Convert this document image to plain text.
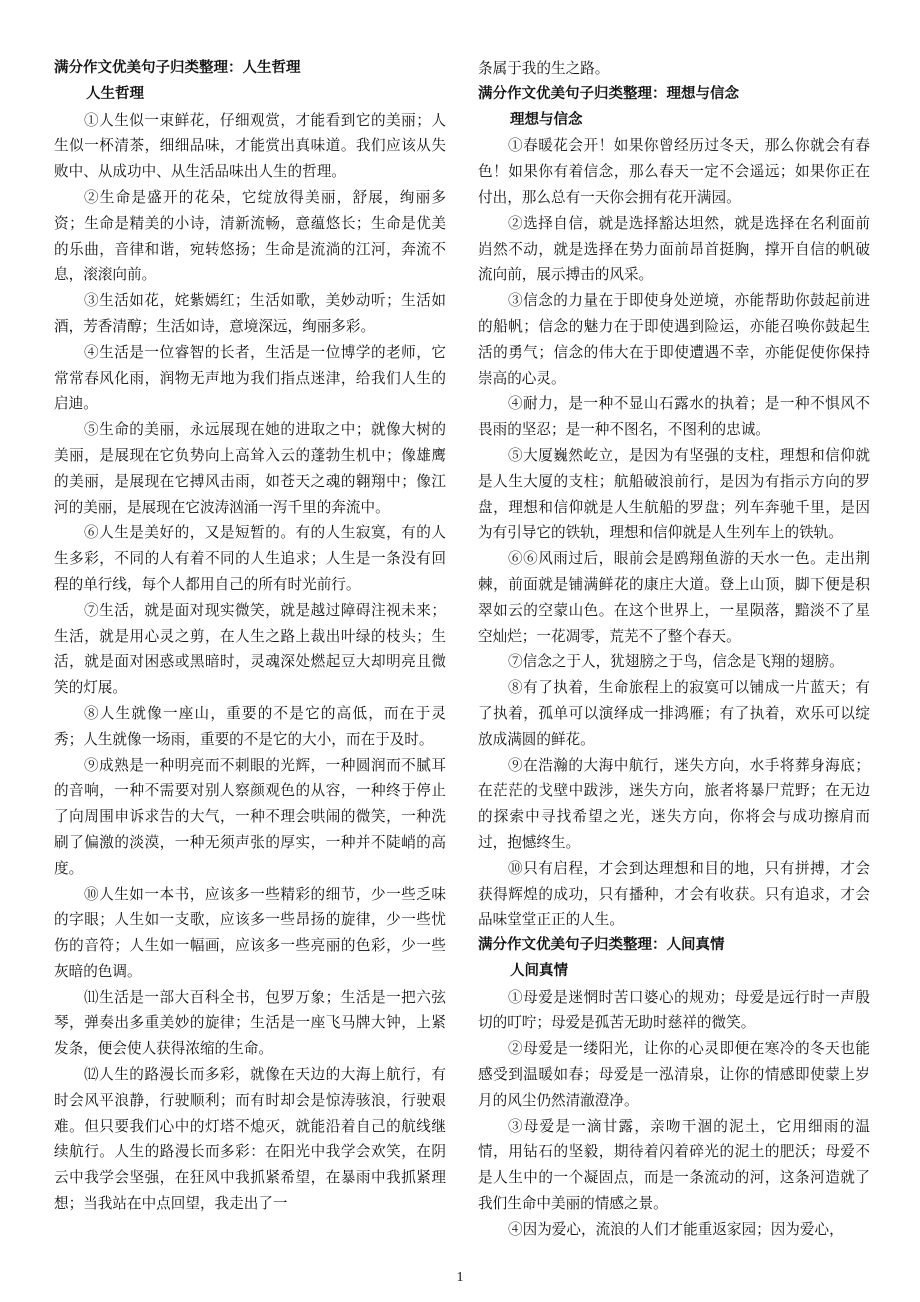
满分作文优美句子归类整理：人生哲理

人生哲理

①人生似一束鲜花，仔细观赏，才能看到它的美丽；人生似一杯清茶，细细品味，才能赏出真味道。我们应该从失败中、从成功中、从生活品味出人生的哲理。

②生命是盛开的花朵，它绽放得美丽，舒展，绚丽多资；生命是精美的小诗，清新流畅，意蕴悠长；生命是优美的乐曲，音律和谐，宛转悠扬；生命是流淌的江河，奔流不息，滚滚向前。

③生活如花，姹紫嫣红；生活如歌，美妙动听；生活如酒，芳香清醇；生活如诗，意境深远，绚丽多彩。

④生活是一位睿智的长者，生活是一位博学的老师，它常常春风化雨，润物无声地为我们指点迷津，给我们人生的启迪。

⑤生命的美丽，永远展现在她的进取之中；就像大树的美丽，是展现在它负势向上高耸入云的蓬勃生机中；像雄鹰的美丽，是展现在它搏风击雨，如苍天之魂的翱翔中；像江河的美丽，是展现在它波涛汹涌一泻千里的奔流中。

⑥人生是美好的，又是短暂的。有的人生寂寞，有的人生多彩，不同的人有着不同的人生追求；人生是一条没有回程的单行线，每个人都用自己的所有时光前行。

⑦生活，就是面对现实微笑，就是越过障碍注视未来；生活，就是用心灵之剪，在人生之路上裁出叶绿的枝头；生活，就是面对困惑或黑暗时，灵魂深处燃起豆大却明亮且微笑的灯展。

⑧人生就像一座山，重要的不是它的高低，而在于灵秀；人生就像一场雨，重要的不是它的大小，而在于及时。

⑨成熟是一种明亮而不刺眼的光辉，一种圆润而不腻耳的音响，一种不需要对别人察颜观色的从容，一种终于停止了向周围申诉求告的大气，一种不理会哄闹的微笑，一种洗刷了偏激的淡漠，一种无须声张的厚实，一种并不陡峭的高度。

⑩人生如一本书，应该多一些精彩的细节，少一些乏味的字眼；人生如一支歌，应该多一些昂扬的旋律，少一些忧伤的音符；人生如一幅画，应该多一些亮丽的色彩，少一些灰暗的色调。

⑾生活是一部大百科全书，包罗万象；生活是一把六弦琴，弹奏出多重美妙的旋律；生活是一座飞马牌大钟，上紧发条，便会使人获得浓缩的生命。

⑿人生的路漫长而多彩，就像在天边的大海上航行，有时会风平浪静，行驶顺利；而有时却会是惊涛骇浪，行驶艰难。但只要我们心中的灯塔不熄灭，就能沿着自己的航线继续航行。人生的路漫长而多彩：在阳光中我学会欢笑，在阴云中我学会坚强，在狂风中我抓紧希望，在暴雨中我抓紧理想；当我站在中点回望，我走出了一

条属于我的生之路。

满分作文优美句子归类整理：理想与信念

理想与信念

①春暖花会开！如果你曾经历过冬天，那么你就会有春色！如果你有着信念，那么春天一定不会遥远；如果你正在付出，那么总有一天你会拥有花开满园。

②选择自信，就是选择豁达坦然，就是选择在名利面前岿然不动，就是选择在势力面前昂首挺胸，撑开自信的帆破流向前，展示搏击的风采。

③信念的力量在于即使身处逆境，亦能帮助你鼓起前进的船帆；信念的魅力在于即使遇到险运，亦能召唤你鼓起生活的勇气；信念的伟大在于即使遭遇不幸，亦能促使你保持崇高的心灵。

④耐力，是一种不显山石露水的执着；是一种不惧风不畏雨的坚忍；是一种不图名，不图利的忠诚。

⑤大厦巍然屹立，是因为有坚强的支柱，理想和信仰就是人生大厦的支柱；航船破浪前行，是因为有指示方向的罗盘，理想和信仰就是人生航船的罗盘；列车奔驰千里，是因为有引导它的铁轨，理想和信仰就是人生列车上的铁轨。

⑥⑥风雨过后，眼前会是鸥翔鱼游的天水一色。走出荆棘，前面就是铺满鲜花的康庄大道。登上山顶，脚下便是积翠如云的空蒙山色。在这个世界上，一星陨落，黯淡不了星空灿烂；一花凋零，荒芜不了整个春天。

⑦信念之于人，犹翅膀之于鸟，信念是飞翔的翅膀。

⑧有了执着，生命旅程上的寂寞可以铺成一片蓝天；有了执着，孤单可以演绎成一排鸿雁；有了执着，欢乐可以绽放成满圆的鲜花。

⑨在浩瀚的大海中航行，迷失方向，水手将葬身海底；在茫茫的戈壁中跋涉，迷失方向，旅者将暴尸荒野；在无边的探索中寻找希望之光，迷失方向，你将会与成功擦肩而过，抱憾终生。

⑩只有启程，才会到达理想和目的地，只有拼搏，才会获得辉煌的成功，只有播种，才会有收获。只有追求，才会品味堂堂正正的人生。

满分作文优美句子归类整理：人间真情

人间真情

①母爱是迷惘时苦口婆心的规劝；母爱是远行时一声殷切的叮咛；母爱是孤苦无助时慈祥的微笑。

②母爱是一缕阳光，让你的心灵即便在寒冷的冬天也能感受到温暖如春；母爱是一泓清泉，让你的情感即使蒙上岁月的风尘仍然清澈澄净。

③母爱是一滴甘露，亲吻干涸的泥土，它用细雨的温情，用钻石的坚毅，期待着闪着碎光的泥土的肥沃；母爱不是人生中的一个凝固点，而是一条流动的河，这条河造就了我们生命中美丽的情感之景。

④因为爱心，流浪的人们才能重返家园；因为爱心，

1
